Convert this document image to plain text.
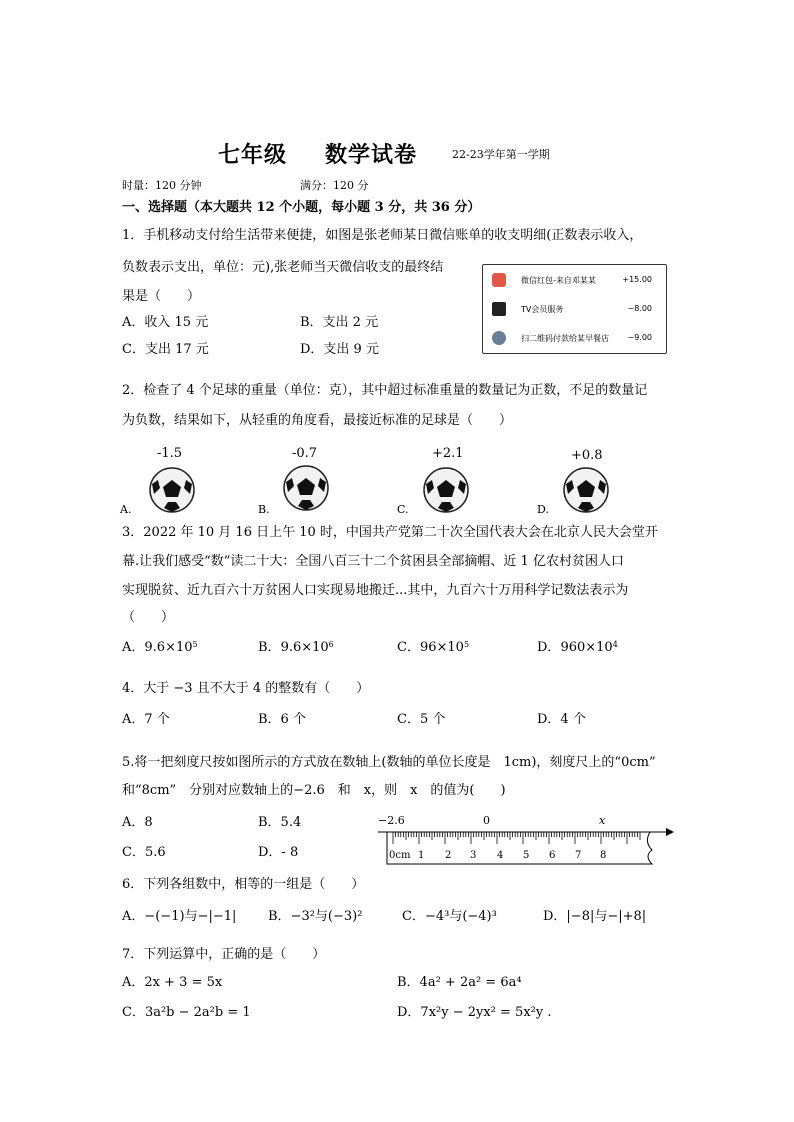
七年级 数学试卷	22-23学年第一学期
时量：120 分钟	满分：120 分
一、选择题（本大题共 12 个小题，每小题 3 分，共 36 分）
1．手机移动支付给生活带来便捷，如图是张老师某日微信账单的收支明细(正数表示收入，
负数表示支出，单位：元),张老师当天微信收支的最终结
果是（　　）
A．收入 15 元	B．支出 2 元
C．支出 17 元	D．支出 9 元
微信红包-来自邓某某	+15.00
TV会员服务	−8.00
扫二维码付款给某早餐店 −9.00
2．检查了 4 个足球的重量（单位：克），其中超过标准重量的数量记为正数，不足的数量记
为负数，结果如下，从轻重的角度看，最接近标准的足球是（　　）
-1.5
A.
-0.7
B.
+2.1
C.
+0.8
D.
3．2022 年 10 月 16 日上午 10 时，中国共产党第二十次全国代表大会在北京人民大会堂开
幕.让我们感受“数”读二十大：全国八百三十二个贫困县全部摘帽、近 1 亿农村贫困人口
实现脱贫、近九百六十万贫困人口实现易地搬迁...其中，九百六十万用科学记数法表示为
（　　）
A．$9.6\times 10^5$	B．$9.6\times 10^6$	C．$96\times 10^5$	D．$960\times 10^4$
4．大于 −3 且不大于 4 的整数有（　　）
A．7 个	B．6 个	C．5 个	D．4 个
5.将一把刻度尺按如图所示的方式放在数轴上(数轴的单位长度是　1cm)，刻度尺上的“0cm”
和“8cm”　分别对应数轴上的−2.6　和　x，则　x　的值为(　　)
A．8	B．5.4
C．5.6	D．- 8
−2.6	0	x
0cm 1 2 3 4 5 6 7 8
6．下列各组数中，相等的一组是（　　）
A．−(−1)与−|−1| B．−3²与(−3)²	C．−4³与(−4)³	D．|−8|与−|+8|
7．下列运算中，正确的是（　　）
A．2x + 3 = 5x	B．4a² + 2a² = 6a⁴
C．3a²b − 2a²b = 1	D．7x²y − 2yx² = 5x²y .
